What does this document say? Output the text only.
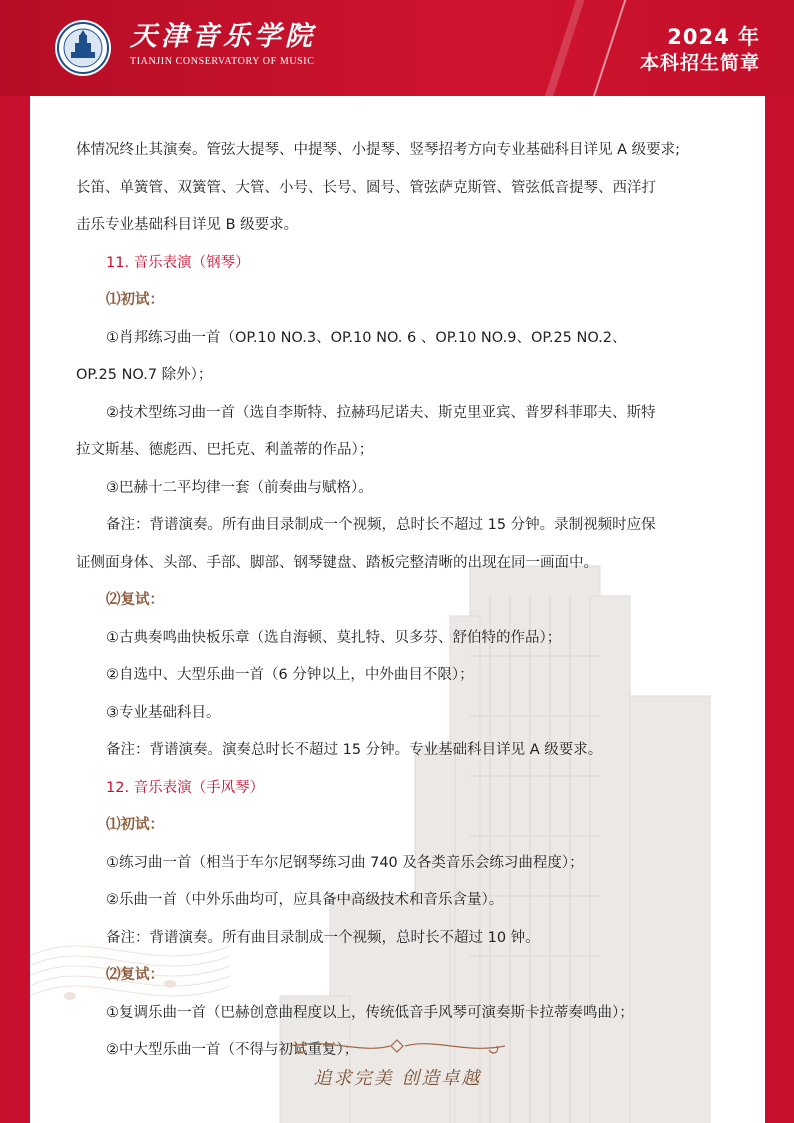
天津音乐学院
TIANJIN CONSERVATORY OF MUSIC
2024 年
本科招生简章
体情况终止其演奏。管弦大提琴、中提琴、小提琴、竖琴招考方向专业基础科目详见 A 级要求;
长笛、单簧管、双簧管、大管、小号、长号、圆号、管弦萨克斯管、管弦低音提琴、西洋打
击乐专业基础科目详见 B 级要求。
11. 音乐表演（钢琴）
⑴初试：
①肖邦练习曲一首（OP.10 NO.3、OP.10 NO. 6 、OP.10 NO.9、OP.25 NO.2、
OP.25 NO.7 除外）；
②技术型练习曲一首（选自李斯特、拉赫玛尼诺夫、斯克里亚宾、普罗科菲耶夫、斯特
拉文斯基、德彪西、巴托克、利盖蒂的作品）；
③巴赫十二平均律一套（前奏曲与赋格）。
备注：背谱演奏。所有曲目录制成一个视频，总时长不超过 15 分钟。录制视频时应保
证侧面身体、头部、手部、脚部、钢琴键盘、踏板完整清晰的出现在同一画面中。
⑵复试：
①古典奏鸣曲快板乐章（选自海顿、莫扎特、贝多芬、舒伯特的作品）；
②自选中、大型乐曲一首（6 分钟以上，中外曲目不限）；
③专业基础科目。
备注：背谱演奏。演奏总时长不超过 15 分钟。专业基础科目详见 A 级要求。
12. 音乐表演（手风琴）
⑴初试：
①练习曲一首（相当于车尔尼钢琴练习曲 740 及各类音乐会练习曲程度）；
②乐曲一首（中外乐曲均可，应具备中高级技术和音乐含量）。
备注：背谱演奏。所有曲目录制成一个视频，总时长不超过 10 钟。
⑵复试：
①复调乐曲一首（巴赫创意曲程度以上，传统低音手风琴可演奏斯卡拉蒂奏鸣曲）；
②中大型乐曲一首（不得与初试重复）；
追求完美 创造卓越
